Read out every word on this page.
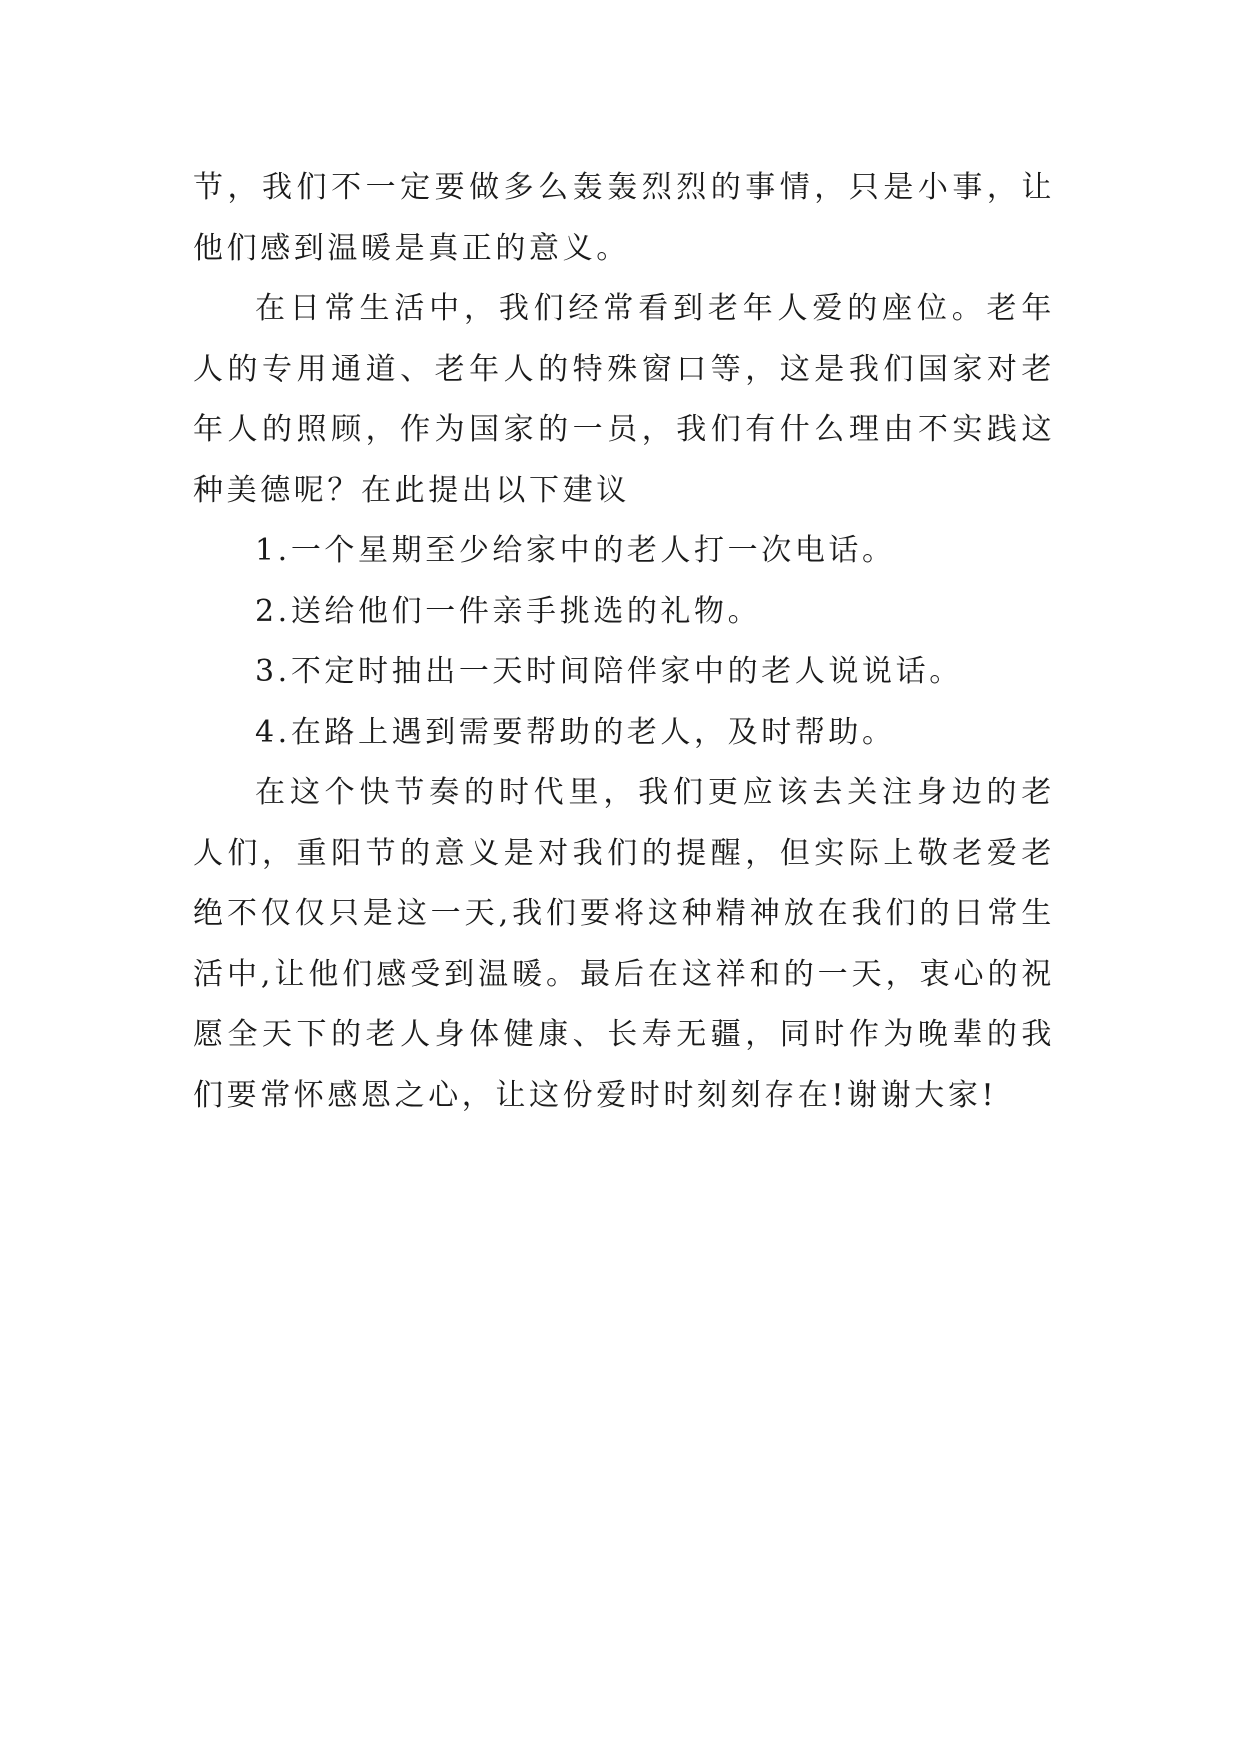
节，我们不一定要做多么轰轰烈烈的事情，只是小事，让他们感到温暖是真正的意义。

在日常生活中，我们经常看到老年人爱的座位。老年人的专用通道、老年人的特殊窗口等，这是我们国家对老年人的照顾，作为国家的一员，我们有什么理由不实践这种美德呢？在此提出以下建议

1.一个星期至少给家中的老人打一次电话。

2.送给他们一件亲手挑选的礼物。

3.不定时抽出一天时间陪伴家中的老人说说话。

4.在路上遇到需要帮助的老人，及时帮助。

在这个快节奏的时代里，我们更应该去关注身边的老人们，重阳节的意义是对我们的提醒，但实际上敬老爱老绝不仅仅只是这一天,我们要将这种精神放在我们的日常生活中,让他们感受到温暖。最后在这祥和的一天，衷心的祝愿全天下的老人身体健康、长寿无疆，同时作为晚辈的我们要常怀感恩之心，让这份爱时时刻刻存在!谢谢大家!
